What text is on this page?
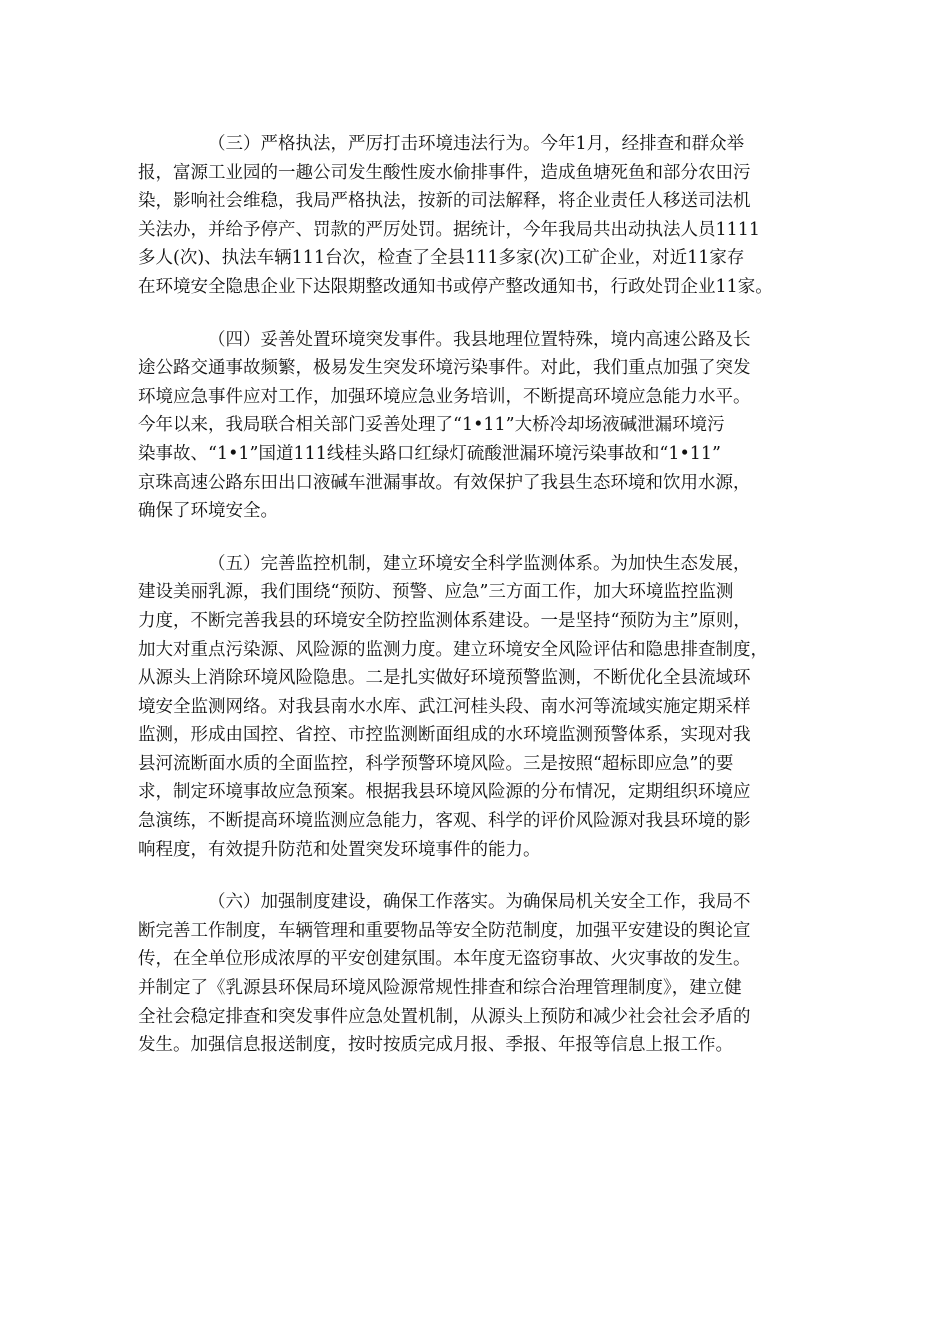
（三）严格执法，严厉打击环境违法行为。今年1月，经排查和群众举
报，富源工业园的一趣公司发生酸性废水偷排事件，造成鱼塘死鱼和部分农田污
染，影响社会维稳，我局严格执法，按新的司法解释，将企业责任人移送司法机
关法办，并给予停产、罚款的严厉处罚。据统计，今年我局共出动执法人员1111
多人(次)、执法车辆111台次，检查了全县111多家(次)工矿企业，对近11家存
在环境安全隐患企业下达限期整改通知书或停产整改通知书，行政处罚企业11家。
（四）妥善处置环境突发事件。我县地理位置特殊，境内高速公路及长
途公路交通事故频繁，极易发生突发环境污染事件。对此，我们重点加强了突发
环境应急事件应对工作，加强环境应急业务培训，不断提高环境应急能力水平。
今年以来，我局联合相关部门妥善处理了“1•11”大桥冷却场液碱泄漏环境污
染事故、“1•1”国道111线桂头路口红绿灯硫酸泄漏环境污染事故和“1•11”
京珠高速公路东田出口液碱车泄漏事故。有效保护了我县生态环境和饮用水源，
确保了环境安全。
（五）完善监控机制，建立环境安全科学监测体系。为加快生态发展，
建设美丽乳源，我们围绕“预防、预警、应急”三方面工作，加大环境监控监测
力度，不断完善我县的环境安全防控监测体系建设。一是坚持“预防为主”原则，
加大对重点污染源、风险源的监测力度。建立环境安全风险评估和隐患排查制度，
从源头上消除环境风险隐患。二是扎实做好环境预警监测，不断优化全县流域环
境安全监测网络。对我县南水水库、武江河桂头段、南水河等流域实施定期采样
监测，形成由国控、省控、市控监测断面组成的水环境监测预警体系，实现对我
县河流断面水质的全面监控，科学预警环境风险。三是按照“超标即应急”的要
求，制定环境事故应急预案。根据我县环境风险源的分布情况，定期组织环境应
急演练，不断提高环境监测应急能力，客观、科学的评价风险源对我县环境的影
响程度，有效提升防范和处置突发环境事件的能力。
（六）加强制度建设，确保工作落实。为确保局机关安全工作，我局不
断完善工作制度，车辆管理和重要物品等安全防范制度，加强平安建设的舆论宣
传，在全单位形成浓厚的平安创建氛围。本年度无盗窃事故、火灾事故的发生。
并制定了《乳源县环保局环境风险源常规性排查和综合治理管理制度》，建立健
全社会稳定排查和突发事件应急处置机制，从源头上预防和减少社会社会矛盾的
发生。加强信息报送制度，按时按质完成月报、季报、年报等信息上报工作。
